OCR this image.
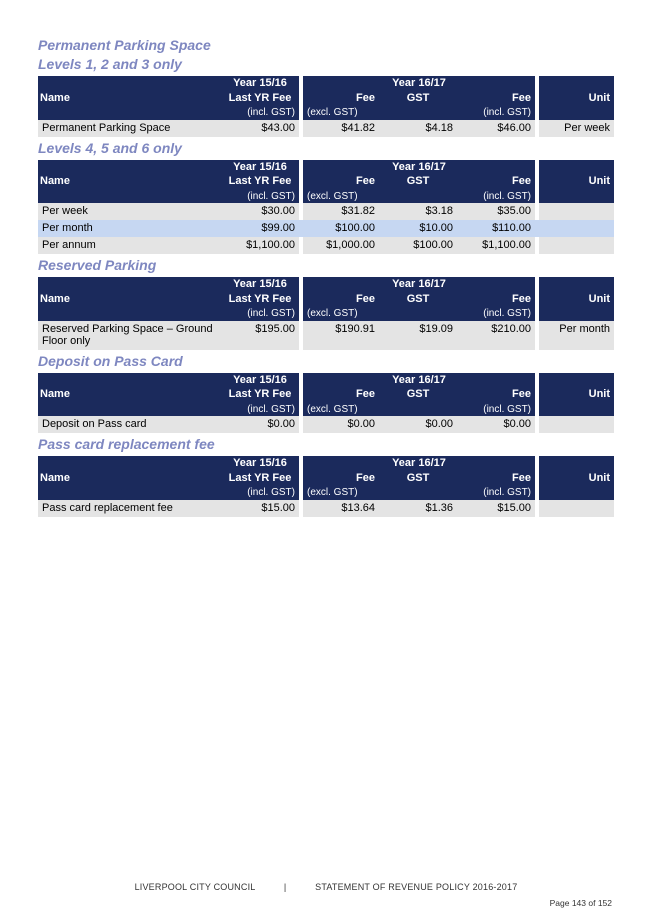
Permanent Parking Space

Levels 1, 2 and 3 only

Name	Year 15/16		Year 16/17				Unit
	Last YR Fee		Fee	GST	Fee		
	(incl. GST)		(excl. GST)		(incl. GST)		
Permanent Parking Space	$43.00		$41.82	$4.18	$46.00		Per week

Levels 4, 5 and 6 only

Name	Year 15/16		Year 16/17				Unit
	Last YR Fee		Fee	GST	Fee		
	(incl. GST)		(excl. GST)		(incl. GST)		
Per week	$30.00		$31.82	$3.18	$35.00		
Per month	$99.00		$100.00	$10.00	$110.00		
Per annum	$1,100.00		$1,000.00	$100.00	$1,100.00		

Reserved Parking

Name	Year 15/16		Year 16/17				Unit
	Last YR Fee		Fee	GST	Fee		
	(incl. GST)		(excl. GST)		(incl. GST)		
Reserved Parking Space – Ground Floor only	$195.00		$190.91	$19.09	$210.00		Per month

Deposit on Pass Card

Name	Year 15/16		Year 16/17				Unit
	Last YR Fee		Fee	GST	Fee		
	(incl. GST)		(excl. GST)		(incl. GST)		
Deposit on Pass card	$0.00		$0.00	$0.00	$0.00		

Pass card replacement fee

Name	Year 15/16		Year 16/17				Unit
	Last YR Fee		Fee	GST	Fee		
	(incl. GST)		(excl. GST)		(incl. GST)		
Pass card replacement fee	$15.00		$13.64	$1.36	$15.00		
LIVERPOOL CITY COUNCIL	|	STATEMENT OF REVENUE POLICY 2016-2017
Page 143 of 152
